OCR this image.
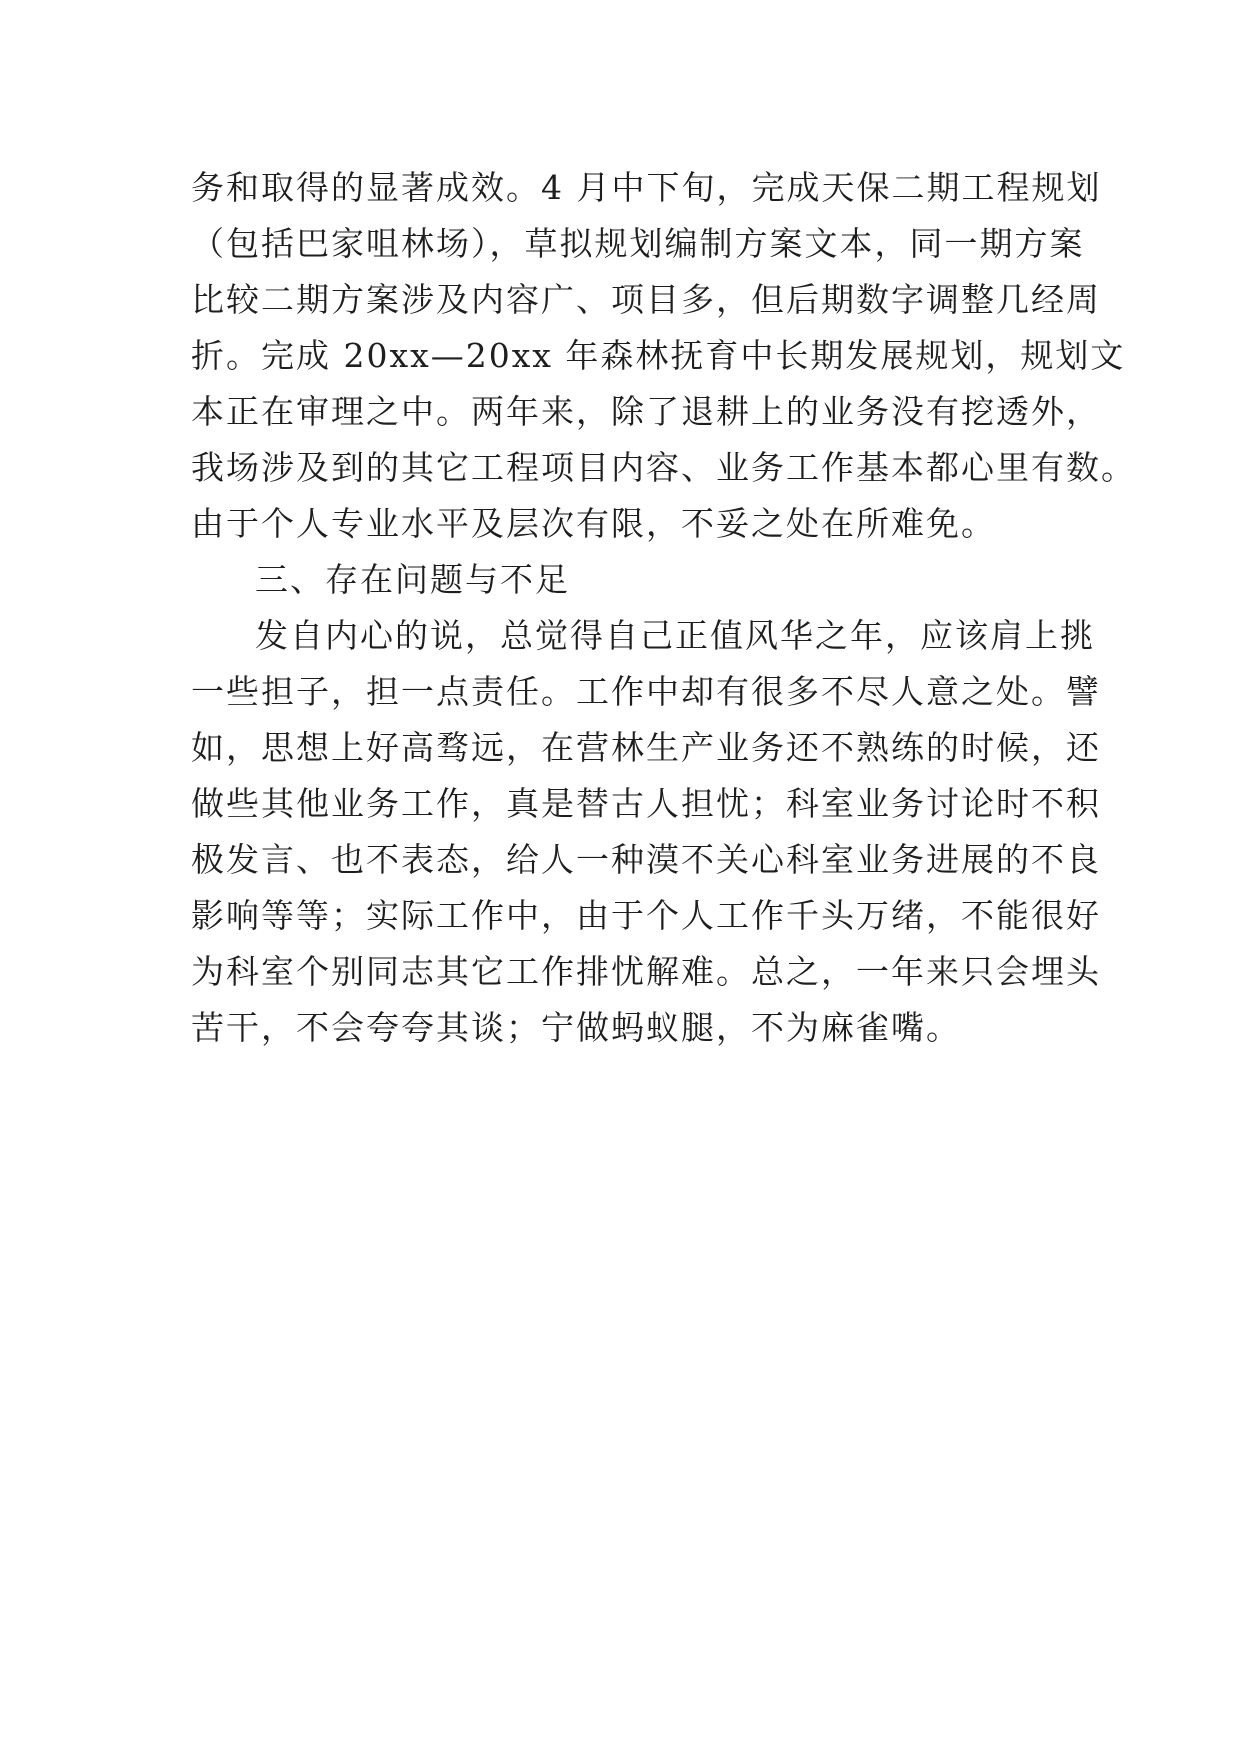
务和取得的显著成效。4 月中下旬，完成天保二期工程规划
（包括巴家咀林场），草拟规划编制方案文本，同一期方案
比较二期方案涉及内容广、项目多，但后期数字调整几经周
折。完成 20xx—20xx 年森林抚育中长期发展规划，规划文
本正在审理之中。两年来，除了退耕上的业务没有挖透外，
我场涉及到的其它工程项目内容、业务工作基本都心里有数。
由于个人专业水平及层次有限，不妥之处在所难免。
三、存在问题与不足
发自内心的说，总觉得自己正值风华之年，应该肩上挑
一些担子，担一点责任。工作中却有很多不尽人意之处。譬
如，思想上好高骛远，在营林生产业务还不熟练的时候，还
做些其他业务工作，真是替古人担忧；科室业务讨论时不积
极发言、也不表态，给人一种漠不关心科室业务进展的不良
影响等等；实际工作中，由于个人工作千头万绪，不能很好
为科室个别同志其它工作排忧解难。总之，一年来只会埋头
苦干，不会夸夸其谈；宁做蚂蚁腿，不为麻雀嘴。
